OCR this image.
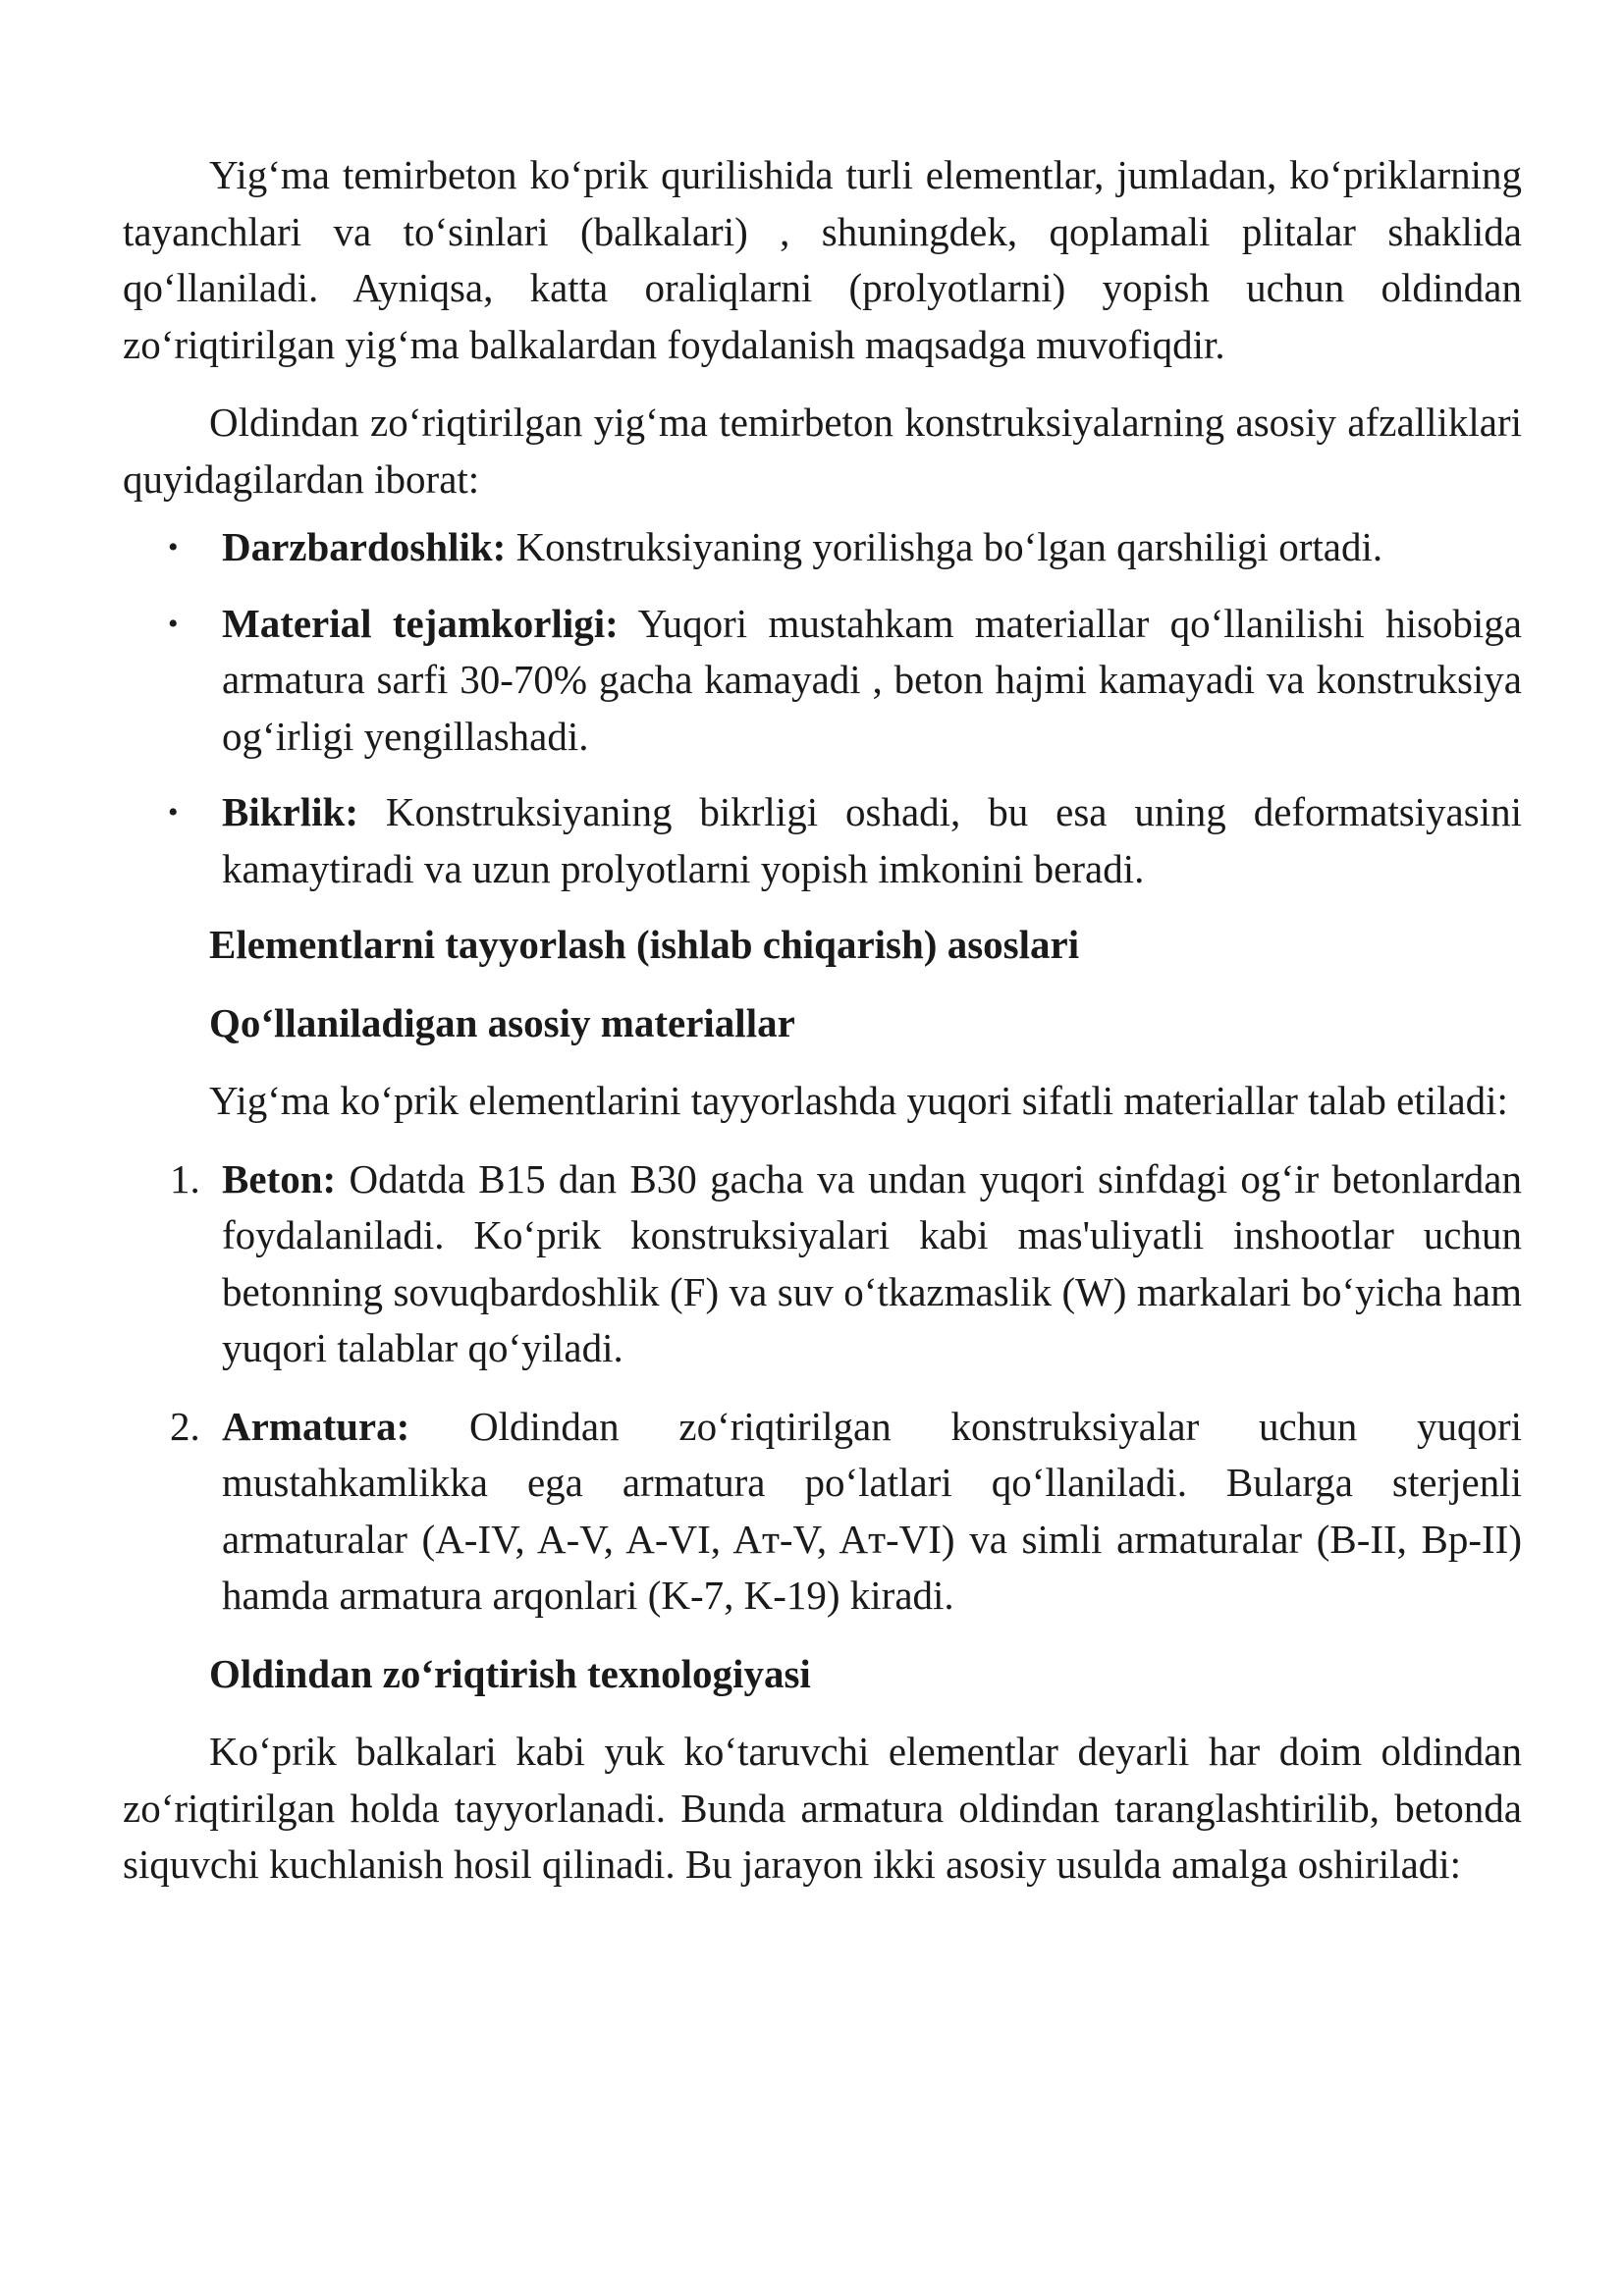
Yig‘ma temirbeton ko‘prik qurilishida turli elementlar, jumladan, ko‘priklarning tayanchlari va to‘sinlari (balkalari) , shuningdek, qoplamali plitalar shaklida qo‘llaniladi. Ayniqsa, katta oraliqlarni (prolyotlarni) yopish uchun oldindan zo‘riqtirilgan yig‘ma balkalardan foydalanish maqsadga muvofiqdir.

Oldindan zo‘riqtirilgan yig‘ma temirbeton konstruksiyalarning asosiy afzalliklari quyidagilardan iborat:

• Darzbardoshlik: Konstruksiyaning yorilishga bo‘lgan qarshiligi ortadi.
• Material tejamkorligi: Yuqori mustahkam materiallar qo‘llanilishi hisobiga armatura sarfi 30-70% gacha kamayadi , beton hajmi kamayadi va konstruksiya og‘irligi yengillashadi.
• Bikrlik: Konstruksiyaning bikrligi oshadi, bu esa uning deformatsiyasini kamaytiradi va uzun prolyotlarni yopish imkonini beradi.

Elementlarni tayyorlash (ishlab chiqarish) asoslari

Qo‘llaniladigan asosiy materiallar

Yig‘ma ko‘prik elementlarini tayyorlashda yuqori sifatli materiallar talab etiladi:

1. Beton: Odatda B15 dan B30 gacha va undan yuqori sinfdagi og‘ir betonlardan foydalaniladi. Ko‘prik konstruksiyalari kabi mas'uliyatli inshootlar uchun betonning sovuqbardoshlik (F) va suv o‘tkazmaslik (W) markalari bo‘yicha ham yuqori talablar qo‘yiladi.
2. Armatura: Oldindan zo‘riqtirilgan konstruksiyalar uchun yuqori mustahkamlikka ega armatura po‘latlari qo‘llaniladi. Bularga sterjenli armaturalar (A-IV, A-V, A-VI, Aт-V, Aт-VI) va simli armaturalar (B-II, Bp-II) hamda armatura arqonlari (K-7, K-19) kiradi.

Oldindan zo‘riqtirish texnologiyasi

Ko‘prik balkalari kabi yuk ko‘taruvchi elementlar deyarli har doim oldindan zo‘riqtirilgan holda tayyorlanadi. Bunda armatura oldindan taranglashtirilib, betonda siquvchi kuchlanish hosil qilinadi. Bu jarayon ikki asosiy usulda amalga oshiriladi:
